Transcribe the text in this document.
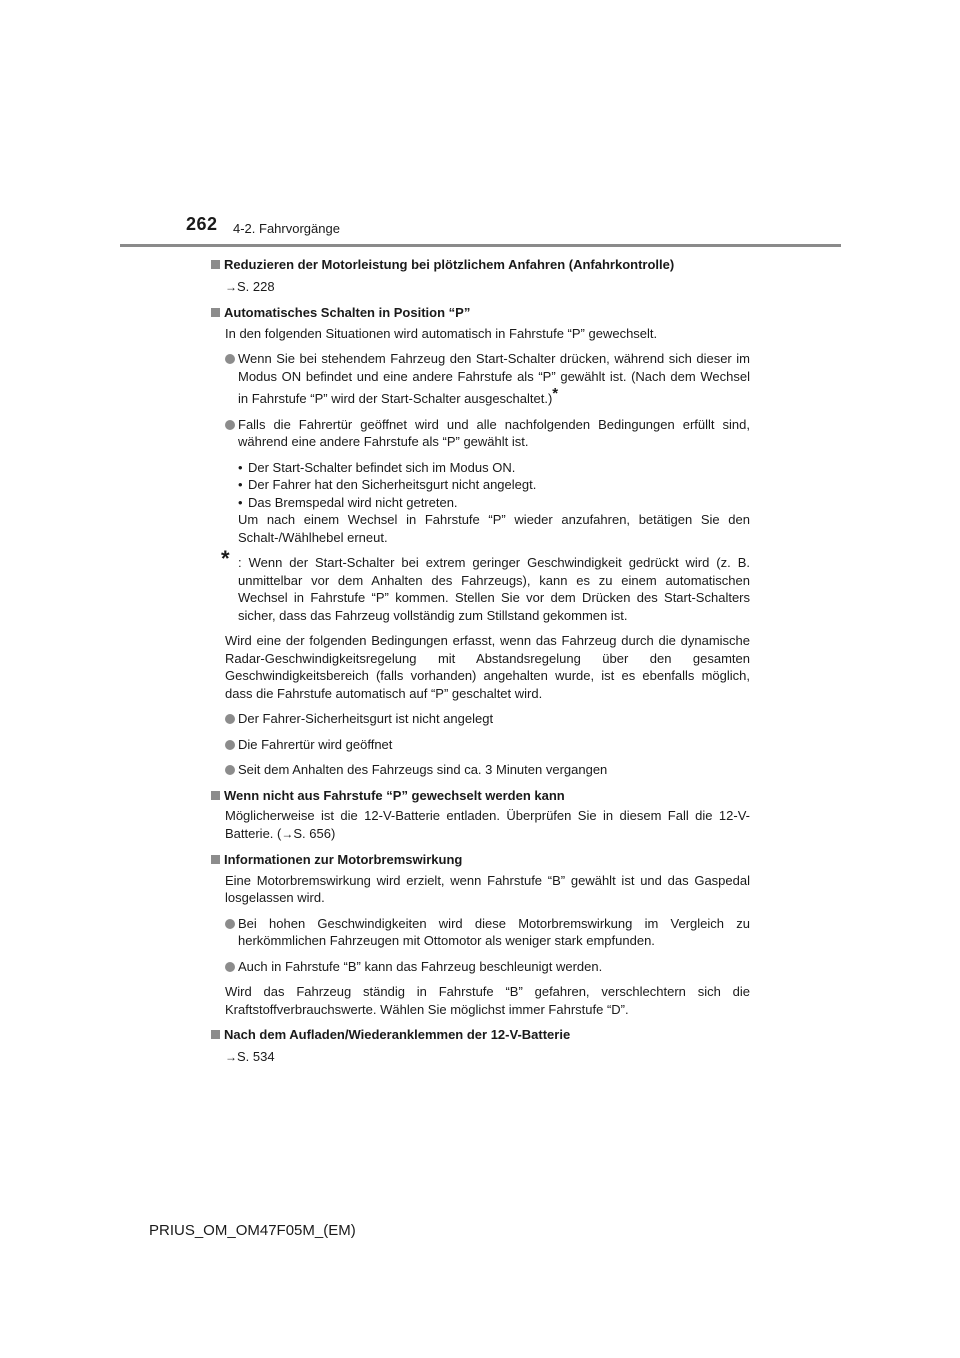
262 4-2. Fahrvorgänge
Reduzieren der Motorleistung bei plötzlichem Anfahren (Anfahrkontrolle)
→S. 228
Automatisches Schalten in Position “P”
In den folgenden Situationen wird automatisch in Fahrstufe “P” gewechselt.
Wenn Sie bei stehendem Fahrzeug den Start-Schalter drücken, während sich dieser im Modus ON befindet und eine andere Fahrstufe als “P” gewählt ist. (Nach dem Wechsel in Fahrstufe “P” wird der Start-Schalter ausgeschaltet.)*
Falls die Fahrertür geöffnet wird und alle nachfolgenden Bedingungen erfüllt sind, während eine andere Fahrstufe als “P” gewählt ist.
• Der Start-Schalter befindet sich im Modus ON.
• Der Fahrer hat den Sicherheitsgurt nicht angelegt.
• Das Bremspedal wird nicht getreten.
Um nach einem Wechsel in Fahrstufe “P” wieder anzufahren, betätigen Sie den Schalt-/Wählhebel erneut.
* : Wenn der Start-Schalter bei extrem geringer Geschwindigkeit gedrückt wird (z. B. unmittelbar vor dem Anhalten des Fahrzeugs), kann es zu einem automatischen Wechsel in Fahrstufe “P” kommen. Stellen Sie vor dem Drücken des Start-Schalters sicher, dass das Fahrzeug vollständig zum Stillstand gekommen ist.
Wird eine der folgenden Bedingungen erfasst, wenn das Fahrzeug durch die dynamische Radar-Geschwindigkeitsregelung mit Abstandsregelung über den gesamten Geschwindigkeitsbereich (falls vorhanden) angehalten wurde, ist es ebenfalls möglich, dass die Fahrstufe automatisch auf “P” geschaltet wird.
Der Fahrer-Sicherheitsgurt ist nicht angelegt
Die Fahrertür wird geöffnet
Seit dem Anhalten des Fahrzeugs sind ca. 3 Minuten vergangen
Wenn nicht aus Fahrstufe “P” gewechselt werden kann
Möglicherweise ist die 12-V-Batterie entladen. Überprüfen Sie in diesem Fall die 12-V-Batterie. (→S. 656)
Informationen zur Motorbremswirkung
Eine Motorbremswirkung wird erzielt, wenn Fahrstufe “B” gewählt ist und das Gaspedal losgelassen wird.
Bei hohen Geschwindigkeiten wird diese Motorbremswirkung im Vergleich zu herkömmlichen Fahrzeugen mit Ottomotor als weniger stark empfunden.
Auch in Fahrstufe “B” kann das Fahrzeug beschleunigt werden.
Wird das Fahrzeug ständig in Fahrstufe “B” gefahren, verschlechtern sich die Kraftstoffverbrauchswerte. Wählen Sie möglichst immer Fahrstufe “D”.
Nach dem Aufladen/Wiederanklemmen der 12-V-Batterie
→S. 534
PRIUS_OM_OM47F05M_(EM)
